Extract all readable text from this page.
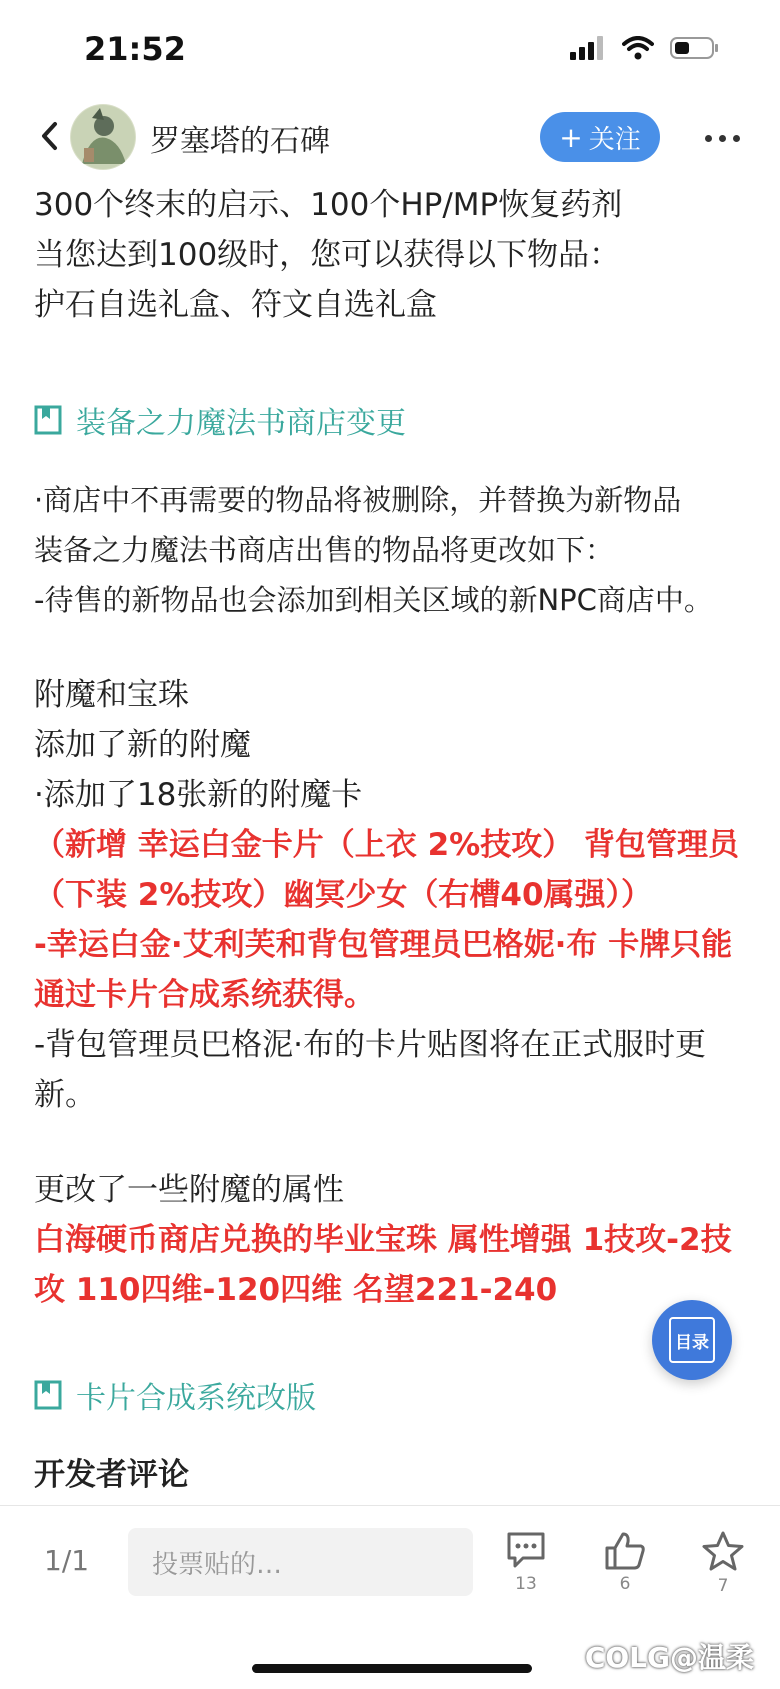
21:52
罗塞塔的石碑	+ 关注
300个终末的启示、100个HP/MP恢复药剂
当您达到100级时，您可以获得以下物品：
护石自选礼盒、符文自选礼盒
装备之力魔法书商店变更
·商店中不再需要的物品将被删除，并替换为新物品
装备之力魔法书商店出售的物品将更改如下：
-待售的新物品也会添加到相关区域的新NPC商店中。
附魔和宝珠
添加了新的附魔
·添加了18张新的附魔卡
（新增 幸运白金卡片（上衣 2%技攻） 背包管理员
（下装 2%技攻）幽冥少女（右槽40属强））
-幸运白金·艾利芙和背包管理员巴格妮·布 卡牌只能
通过卡片合成系统获得。
-背包管理员巴格泥·布的卡片贴图将在正式服时更
新。
更改了一些附魔的属性
白海硬币商店兑换的毕业宝珠 属性增强 1技攻-2技
攻 110四维-120四维 名望221-240
卡片合成系统改版
开发者评论
目录
1/1	投票贴的…
13	6	7
COLG@温柔
